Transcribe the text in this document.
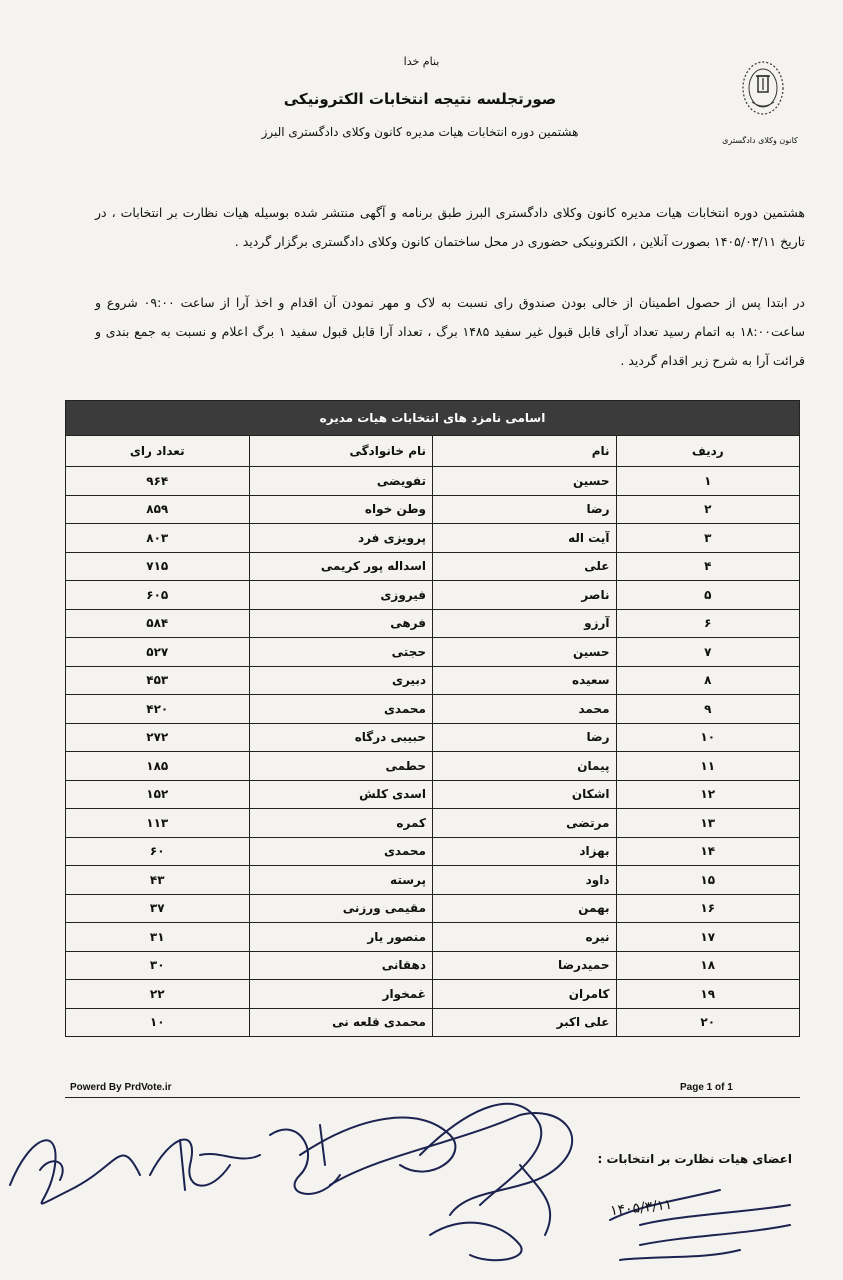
بنام خدا
کانون وکلای دادگستری
صورتجلسه نتیجه انتخابات الکترونیکی
هشتمین دوره انتخابات هیات مدیره کانون وکلای دادگستری البرز
هشتمین دوره انتخابات هیات مدیره کانون وکلای دادگستری البرز طبق برنامه و آگهی منتشر شده بوسیله هیات نظارت بر انتخابات ، در تاریخ ۱۴۰۵/۰۳/۱۱ بصورت آنلاین ، الکترونیکی حضوری در محل ساختمان کانون وکلای دادگستری برگزار گردید .
در ابتدا پس از حصول اطمینان از خالی بودن صندوق رای نسبت به لاک و مهر نمودن آن اقدام و اخذ آرا از ساعت ۰۹:۰۰ شروع و ساعت۱۸:۰۰ به اتمام رسید تعداد آرای قابل قبول غیر سفید ۱۴۸۵ برگ ، تعداد آرا قابل قبول سفید ۱ برگ اعلام و نسبت به جمع بندی و قرائت آرا به شرح زیر اقدام گردید .
اسامی نامزد های انتخابات هیات مدیره			
ردیف	نام	نام خانوادگی	تعداد رای
۱	حسین	تفویضی	۹۶۴
۲	رضا	وطن خواه	۸۵۹
۳	آیت اله	پرویزی فرد	۸۰۳
۴	علی	اسداله پور کریمی	۷۱۵
۵	ناصر	فیروزی	۶۰۵
۶	آرزو	فرهی	۵۸۴
۷	حسین	حجتی	۵۲۷
۸	سعیده	دبیری	۴۵۳
۹	محمد	محمدی	۴۲۰
۱۰	رضا	حبیبی درگاه	۲۷۲
۱۱	پیمان	حطمی	۱۸۵
۱۲	اشکان	اسدی کلش	۱۵۲
۱۳	مرتضی	کمره	۱۱۳
۱۴	بهزاد	محمدی	۶۰
۱۵	داود	پرسته	۴۳
۱۶	بهمن	مقیمی ورزنی	۳۷
۱۷	نیره	منصور یار	۳۱
۱۸	حمیدرضا	دهقانی	۳۰
۱۹	کامران	غمخوار	۲۲
۲۰	علی اکبر	محمدی قلعه نی	۱۰
Powerd By PrdVote.ir	Page 1 of 1
اعضای هیات نظارت بر انتخابات :
۱۴۰۵/۳/۱۱
